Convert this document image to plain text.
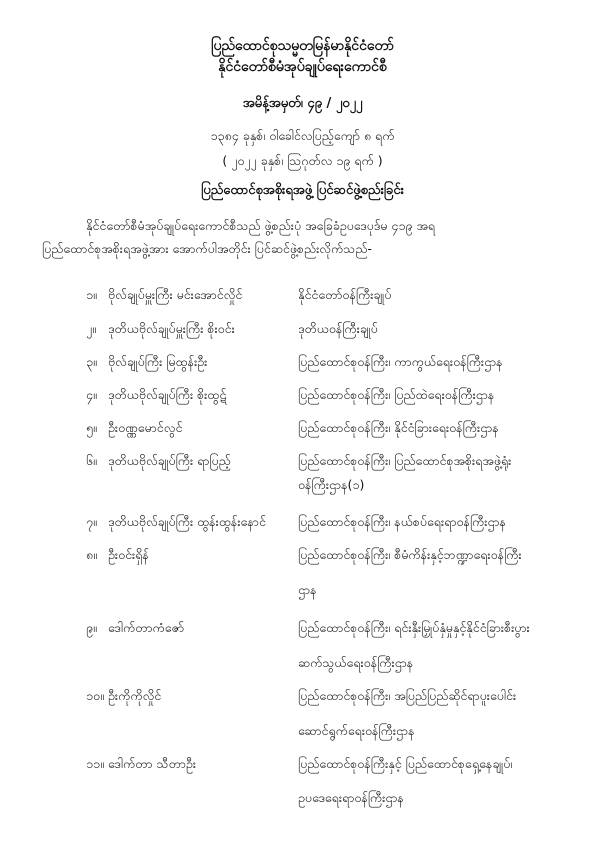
ပြည်ထောင်စုသမ္မတမြန်မာနိုင်ငံတော်
နိုင်ငံတော်စီမံအုပ်ချုပ်ရေးကောင်စီ
အမိန့်အမှတ်၊ ၄၉ / ၂၀၂၂
၁၃၈၄ ခုနှစ်၊ ဝါခေါင်လပြည့်ကျော် ၈ ရက်
( ၂၀၂၂ ခုနှစ်၊ ဩဂုတ်လ ၁၉ ရက် )
ပြည်ထောင်စုအစိုးရအဖွဲ့ ပြင်ဆင်ဖွဲ့စည်းခြင်း
နိုင်ငံတော်စီမံအုပ်ချုပ်ရေးကောင်စီသည် ဖွဲ့စည်းပုံ အခြေခံဥပဒေပုဒ်မ ၄၁၉ အရ
ပြည်ထောင်စုအစိုးရအဖွဲ့အား အောက်ပါအတိုင်း ပြင်ဆင်ဖွဲ့စည်းလိုက်သည်-
၁။ ဗိုလ်ချုပ်မှူးကြီး မင်းအောင်လှိုင်	နိုင်ငံတော်ဝန်ကြီးချုပ်
၂။ ဒုတိယဗိုလ်ချုပ်မှူးကြီး စိုးဝင်း	ဒုတိယဝန်ကြီးချုပ်
၃။ ဗိုလ်ချုပ်ကြီး မြထွန်းဦး	ပြည်ထောင်စုဝန်ကြီး၊ ကာကွယ်ရေးဝန်ကြီးဌာန
၄။ ဒုတိယဗိုလ်ချုပ်ကြီး စိုးထွဋ်	ပြည်ထောင်စုဝန်ကြီး၊ ပြည်ထဲရေးဝန်ကြီးဌာန
၅။ ဦးဝဏ္ဏမောင်လွင်	ပြည်ထောင်စုဝန်ကြီး၊ နိုင်ငံခြားရေးဝန်ကြီးဌာန
၆။ ဒုတိယဗိုလ်ချုပ်ကြီး ရာပြည့်	ပြည်ထောင်စုဝန်ကြီး၊ ပြည်ထောင်စုအစိုးရအဖွဲ့ရုံး
ဝန်ကြီးဌာန(၁)
၇။ ဒုတိယဗိုလ်ချုပ်ကြီး ထွန်းထွန်းနောင်	ပြည်ထောင်စုဝန်ကြီး၊ နယ်စပ်ရေးရာဝန်ကြီးဌာန
၈။ ဦးဝင်းရှိန်	ပြည်ထောင်စုဝန်ကြီး၊ စီမံကိန်းနှင့်ဘဏ္ဍာရေးဝန်ကြီး
ဌာန
၉။ ဒေါက်တာကံဇော်	ပြည်ထောင်စုဝန်ကြီး၊ ရင်းနှီးမြှုပ်နှံမှုနှင့်နိုင်ငံခြားစီးပွား
ဆက်သွယ်ရေးဝန်ကြီးဌာန
၁၀။ ဦးကိုကိုလှိုင်	ပြည်ထောင်စုဝန်ကြီး၊ အပြည်ပြည်ဆိုင်ရာပူးပေါင်း
ဆောင်ရွက်ရေးဝန်ကြီးဌာန
၁၁။ ဒေါက်တာ သီတာဦး	ပြည်ထောင်စုဝန်ကြီးနှင့် ပြည်ထောင်စုရှေ့နေချုပ်၊
ဥပဒေရေးရာဝန်ကြီးဌာန
